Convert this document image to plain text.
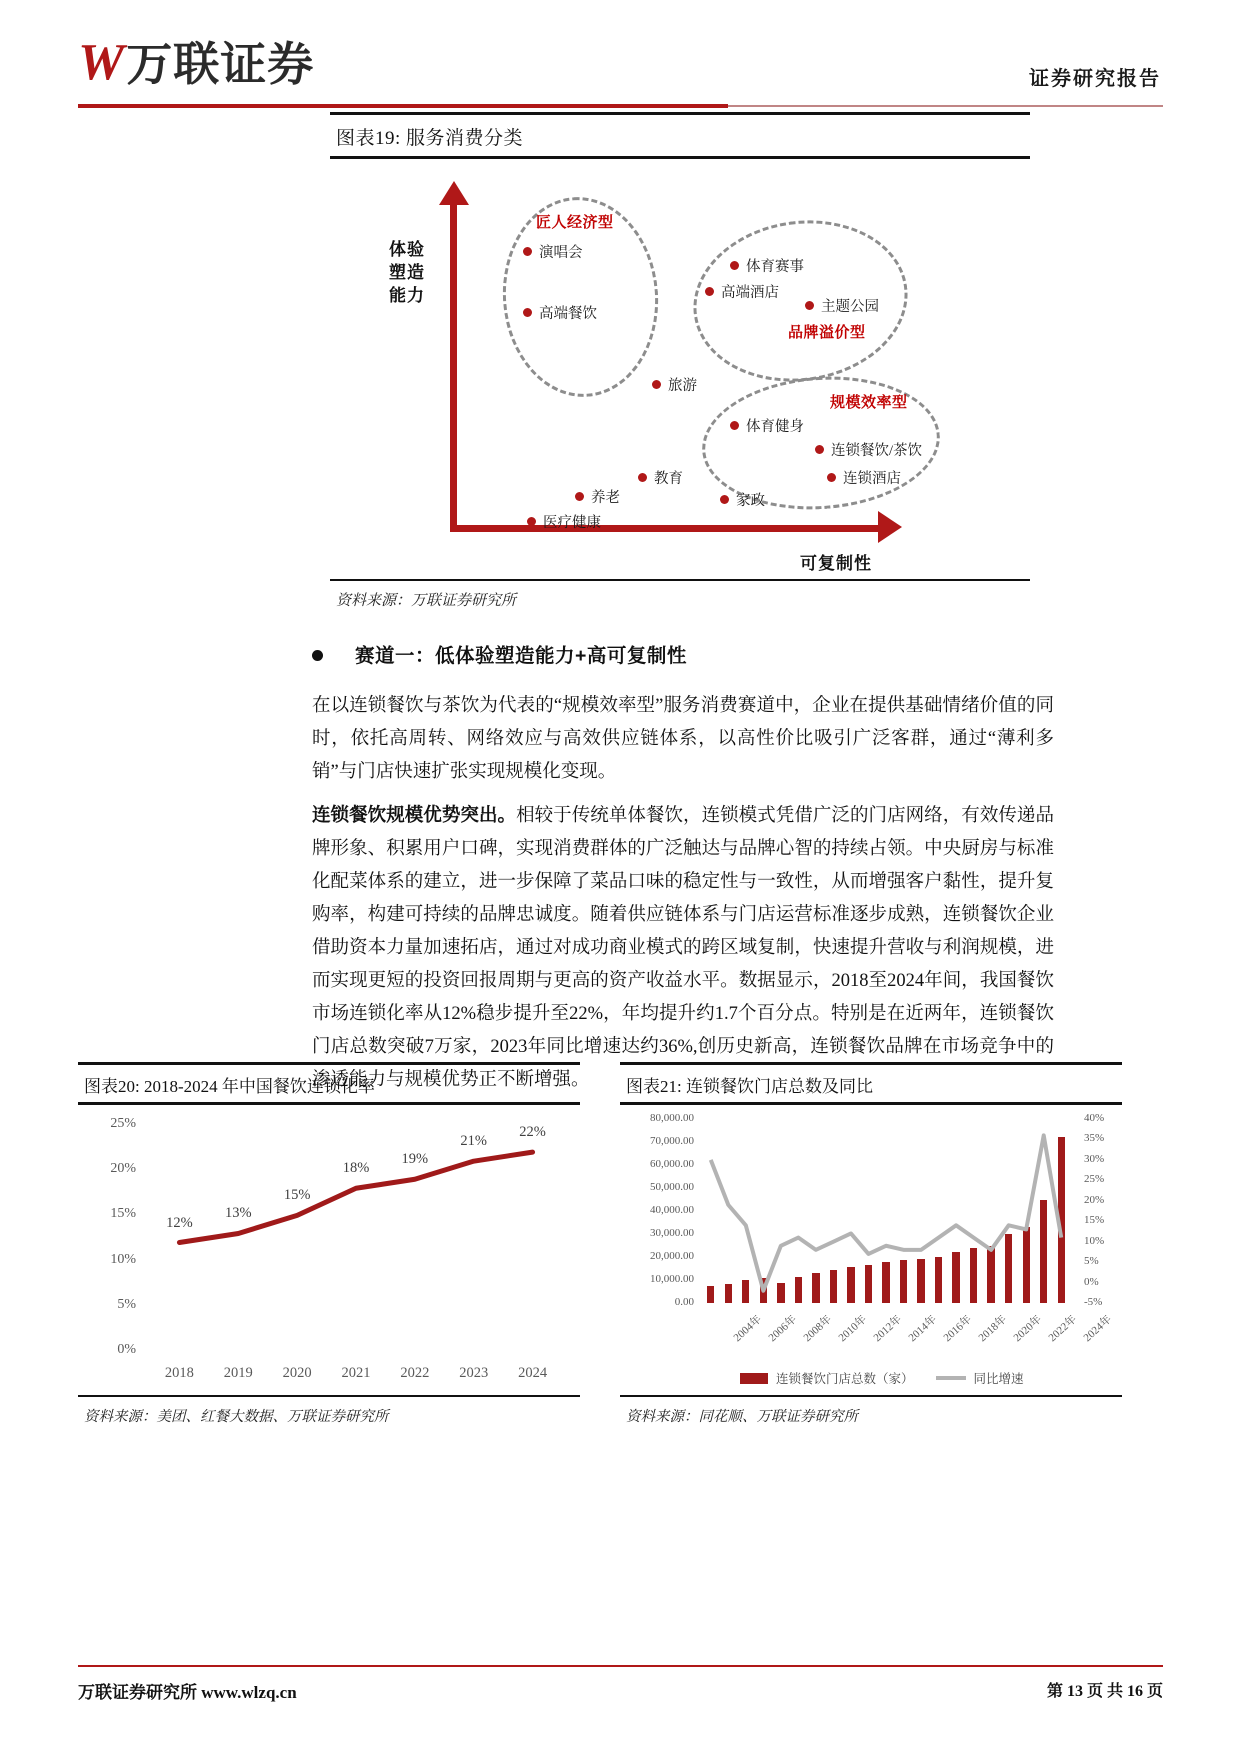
W 万联证券	证券研究报告
图表19: 服务消费分类
体验
塑造
能力
可复制性
匠人经济型
品牌溢价型
规模效率型
演唱会
高端餐饮
体育赛事
高端酒店
主题公园
旅游
体育健身
连锁餐饮/茶饮
连锁酒店
教育
家政
养老
医疗健康
资料来源：万联证券研究所
赛道一：低体验塑造能力+高可复制性
在以连锁餐饮与茶饮为代表的“规模效率型”服务消费赛道中，企业在提供基础情绪价值的同时，依托高周转、网络效应与高效供应链体系，以高性价比吸引广泛客群，通过“薄利多销”与门店快速扩张实现规模化变现。
连锁餐饮规模优势突出。相较于传统单体餐饮，连锁模式凭借广泛的门店网络，有效传递品牌形象、积累用户口碑，实现消费群体的广泛触达与品牌心智的持续占领。中央厨房与标准化配菜体系的建立，进一步保障了菜品口味的稳定性与一致性，从而增强客户黏性，提升复购率，构建可持续的品牌忠诚度。随着供应链体系与门店运营标准逐步成熟，连锁餐饮企业借助资本力量加速拓店，通过对成功商业模式的跨区域复制，快速提升营收与利润规模，进而实现更短的投资回报周期与更高的资产收益水平。数据显示，2018至2024年间，我国餐饮市场连锁化率从12%稳步提升至22%，年均提升约1.7个百分点。特别是在近两年，连锁餐饮门店总数突破7万家，2023年同比增速达约36%,创历史新高，连锁餐饮品牌在市场竞争中的渗透能力与规模优势正不断增强。
图表20: 2018-2024 年中国餐饮连锁化率
0%
5%
10%
15%
20%
25%
12%
13%
15%
18%
19%
21%
22%
2018	2019	2020	2021	2022	2023	2024
资料来源：美团、红餐大数据、万联证券研究所
图表21: 连锁餐饮门店总数及同比
0.00
10,000.00
20,000.00
30,000.00
40,000.00
50,000.00
60,000.00
70,000.00
80,000.00
-5%
0%
5%
10%
15%
20%
25%
30%
35%
40%
2004年 2006年 2008年 2010年 2012年 2014年 2016年 2018年 2020年 2022年 2024年
连锁餐饮门店总数（家）	同比增速
资料来源：同花顺、万联证券研究所
万联证券研究所 www.wlzq.cn	第 13 页 共 16 页
